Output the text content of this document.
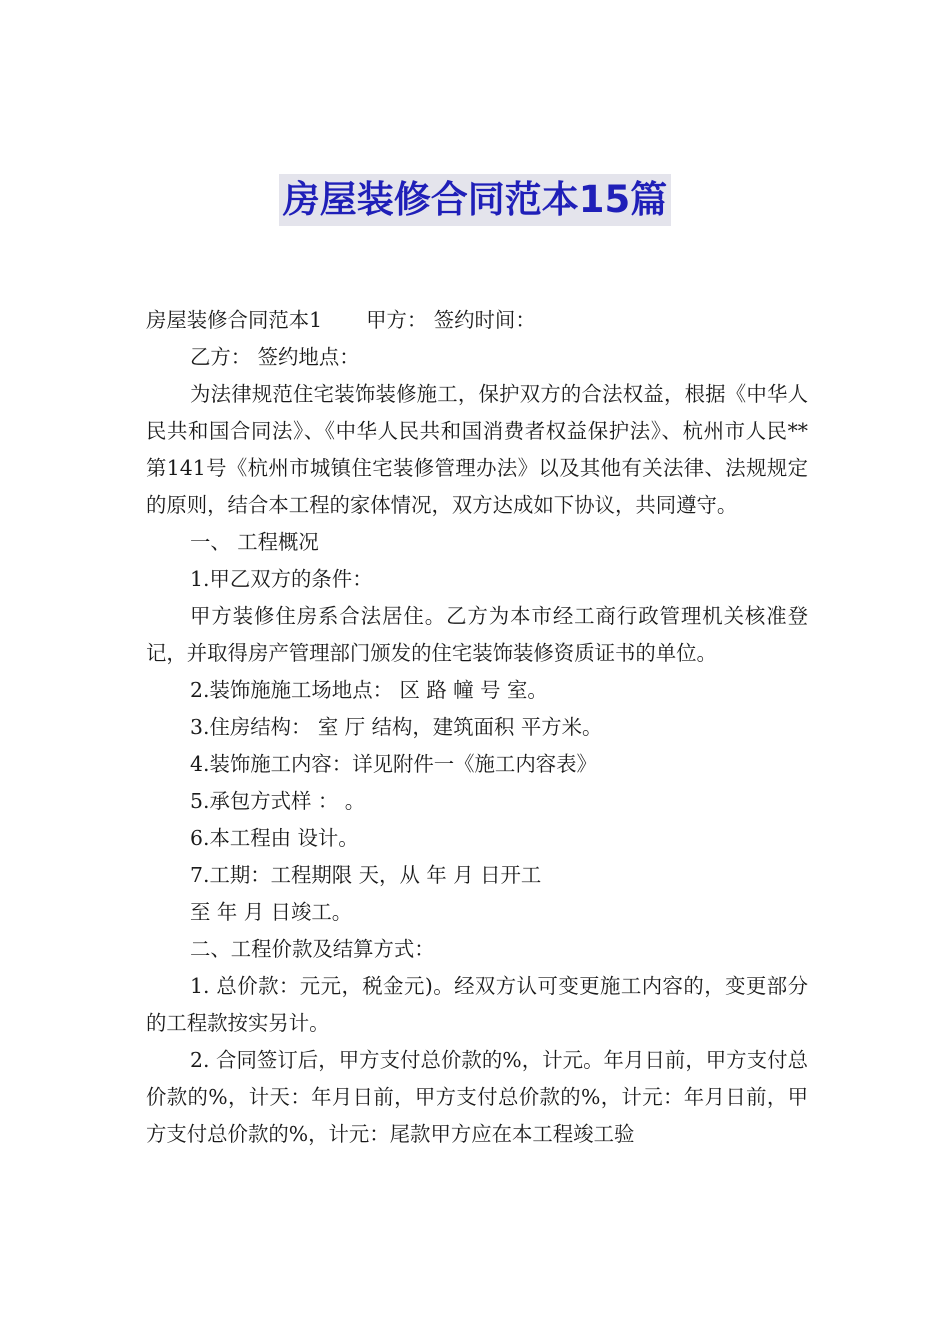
房屋装修合同范本15篇

房屋装修合同范本1 甲方： 签约时间：

乙方： 签约地点：

为法律规范住宅装饰装修施工，保护双方的合法权益，根据《中华人民共和国合同法》、《中华人民共和国消费者权益保护法》、杭州市人民**第141号《杭州市城镇住宅装修管理办法》以及其他有关法律、法规规定的原则，结合本工程的家体情况，双方达成如下协议，共同遵守。

一、 工程概况

1.甲乙双方的条件：

甲方装修住房系合法居住。乙方为本市经工商行政管理机关核准登记，并取得房产管理部门颁发的住宅装饰装修资质证书的单位。

2.装饰施施工场地点： 区 路 幢 号 室。

3.住房结构： 室 厅 结构，建筑面积 平方米。

4.装饰施工内容：详见附件一《施工内容表》

5.承包方式样 ： 。

6.本工程由 设计。

7.工期：工程期限 天，从 年 月 日开工

至 年 月 日竣工。

二、工程价款及结算方式：

1. 总价款：元元，税金元)。经双方认可变更施工内容的，变更部分的工程款按实另计。

2. 合同签订后，甲方支付总价款的%，计元。年月日前，甲方支付总价款的%，计天：年月日前，甲方支付总价款的%，计元：年月日前，甲方支付总价款的%，计元：尾款甲方应在本工程竣工验
